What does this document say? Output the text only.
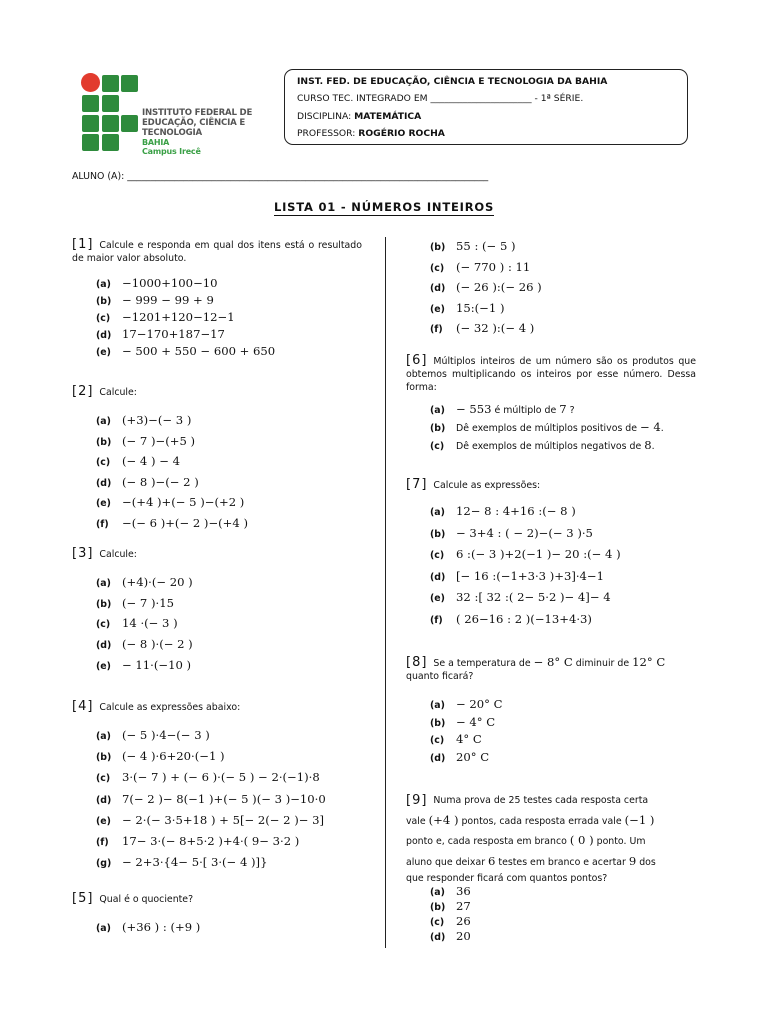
INSTITUTO FEDERAL DE
EDUCAÇÃO, CIÊNCIA E TECNOLOGIA
BAHIA
Campus Irecê
INST. FED. DE EDUCAÇÃO, CIÊNCIA E TECNOLOGIA DA BAHIA
CURSO TEC. INTEGRADO EM ______________________ - 1ª SÉRIE.
DISCIPLINA: MATEMÁTICA
PROFESSOR: ROGÉRIO ROCHA
ALUNO (A): _____________________________________________________________________________
LISTA 01 - NÚMEROS INTEIROS
[1] Calcule e responda em qual dos itens está o resultado de maior valor absoluto.
(a) −1000+100−10
(b) − 999 − 99 + 9
(c) −1201+120−12−1
(d) 17−170+187−17
(e) − 500 + 550 − 600 + 650
[2] Calcule:
(a) (+3)−(− 3 )
(b) (− 7 )−(+5 )
(c) (− 4 ) − 4
(d) (− 8 )−(− 2 )
(e) −(+4 )+(− 5 )−(+2 )
(f) −(− 6 )+(− 2 )−(+4 )
[3] Calcule:
(a) (+4)·(− 20 )
(b) (− 7 )·15
(c) 14 ·(− 3 )
(d) (− 8 )·(− 2 )
(e) − 11·(−10 )
[4] Calcule as expressões abaixo:
(a) (− 5 )·4−(− 3 )
(b) (− 4 )·6+20·(−1 )
(c) 3·(− 7 ) + (− 6 )·(− 5 ) − 2·(−1)·8
(d) 7(− 2 )− 8(−1 )+(− 5 )(− 3 )−10·0
(e) − 2·(− 3·5+18 ) + 5[− 2(− 2 )− 3]
(f) 17− 3·(− 8+5·2 )+4·( 9− 3·2 )
(g) − 2+3·{4− 5·[ 3·(− 4 )]}
[5] Qual é o quociente?
(a) (+36 ) : (+9 )
(b) 55 : (− 5 )
(c) (− 770 ) : 11
(d) (− 26 ):(− 26 )
(e) 15:(−1 )
(f) (− 32 ):(− 4 )
[6] Múltiplos inteiros de um número são os produtos que obtemos multiplicando os inteiros por esse número. Dessa forma:
(a) − 553 é múltiplo de 7 ?
(b) Dê exemplos de múltiplos positivos de − 4.
(c) Dê exemplos de múltiplos negativos de 8.
[7] Calcule as expressões:
(a) 12− 8 : 4+16 :(− 8 )
(b) − 3+4 : ( − 2)−(− 3 )·5
(c) 6 :(− 3 )+2(−1 )− 20 :(− 4 )
(d) [− 16 :(−1+3·3 )+3]·4−1
(e) 32 :[ 32 :( 2− 5·2 )− 4]− 4
(f) ( 26−16 : 2 )(−13+4·3)
[8] Se a temperatura de − 8° C diminuir de 12° C
quanto ficará?
(a) − 20° C
(b) − 4° C
(c) 4° C
(d) 20° C
[9] Numa prova de 25 testes cada resposta certa
vale (+4 ) pontos, cada resposta errada vale (−1 )
ponto e, cada resposta em branco ( 0 ) ponto. Um
aluno que deixar 6 testes em branco e acertar 9 dos
que responder ficará com quantos pontos?
(a) 36
(b) 27
(c) 26
(d) 20
